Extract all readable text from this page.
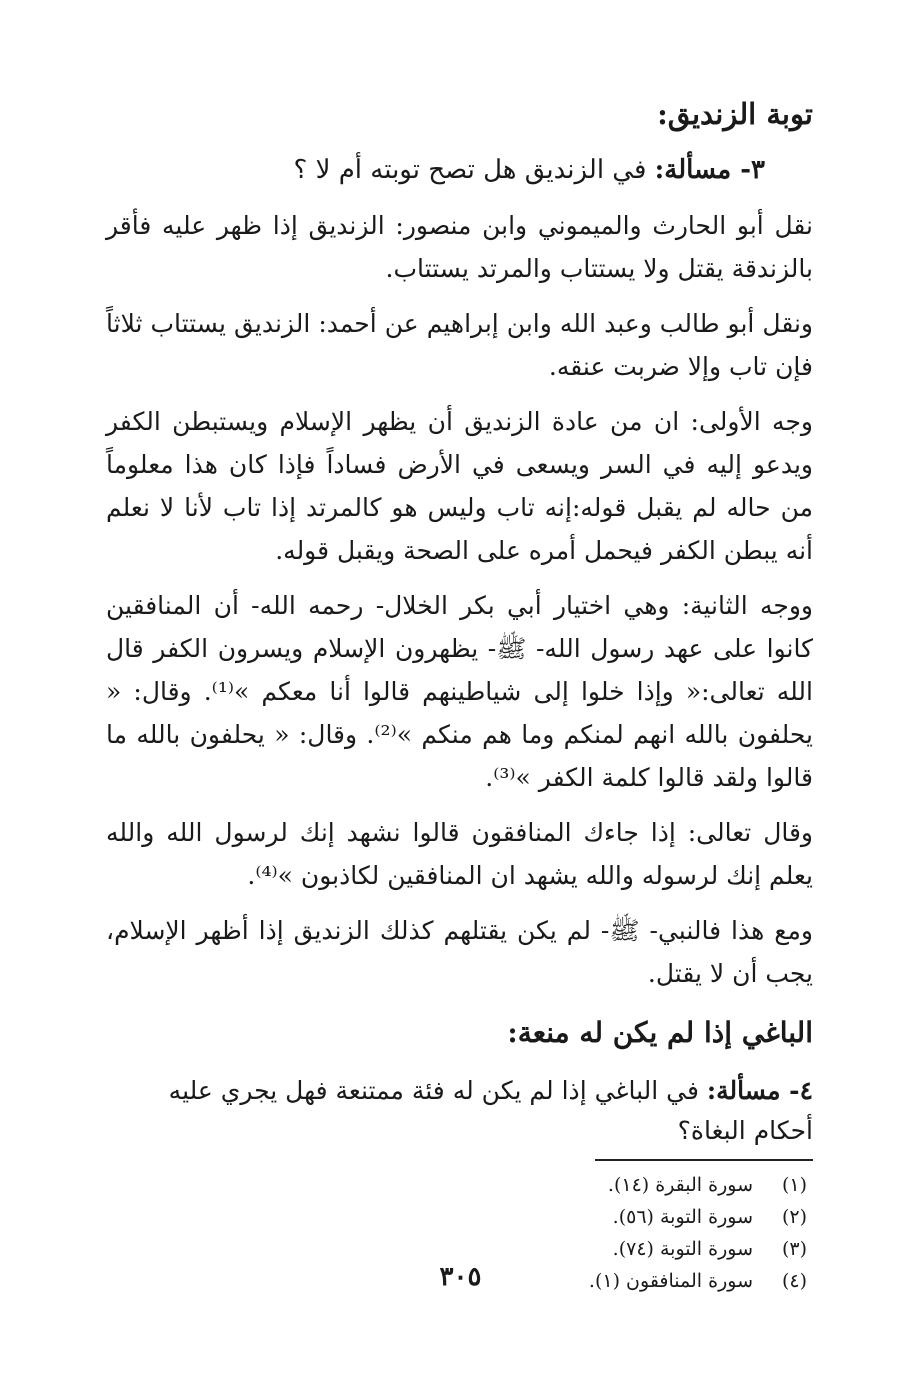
توبة الزنديق:
٣- مسألة: في الزنديق هل تصح توبته أم لا ؟

نقل أبو الحارث والميموني وابن منصور: الزنديق إذا ظهر عليه فأقر بالزندقة يقتل ولا يستتاب والمرتد يستتاب.

ونقل أبو طالب وعبد الله وابن إبراهيم عن أحمد: الزنديق يستتاب ثلاثاً فإن تاب وإلا ضربت عنقه.

وجه الأولى: ان من عادة الزنديق أن يظهر الإسلام ويستبطن الكفر ويدعو إليه في السر ويسعى في الأرض فساداً فإذا كان هذا معلوماً من حاله لم يقبل قوله:إنه تاب وليس هو كالمرتد إذا تاب لأنا لا نعلم أنه يبطن الكفر فيحمل أمره على الصحة ويقبل قوله.

ووجه الثانية: وهي اختيار أبي بكر الخلال- رحمه الله- أن المنافقين كانوا على عهد رسول الله- ﷺ- يظهرون الإسلام ويسرون الكفر قال الله تعالى:« وإذا خلوا إلى شياطينهم قالوا أنا معكم »⁽¹⁾. وقال: « يحلفون بالله انهم لمنكم وما هم منكم »⁽²⁾. وقال: « يحلفون بالله ما قالوا ولقد قالوا كلمة الكفر »⁽³⁾.

وقال تعالى: إذا جاءك المنافقون قالوا نشهد إنك لرسول الله والله يعلم إنك لرسوله والله يشهد ان المنافقين لكاذبون »⁽⁴⁾.

ومع هذا فالنبي- ﷺ- لم يكن يقتلهم كذلك الزنديق إذا أظهر الإسلام، يجب أن لا يقتل.

الباغي إذا لم يكن له منعة:
٤- مسألة: في الباغي إذا لم يكن له فئة ممتنعة فهل يجري عليه أحكام البغاة؟
(١)
سورة البقرة (١٤).
(٢)
سورة التوبة (٥٦).
(٣)
سورة التوبة (٧٤).
(٤)
سورة المنافقون (١).
٣٠٥
